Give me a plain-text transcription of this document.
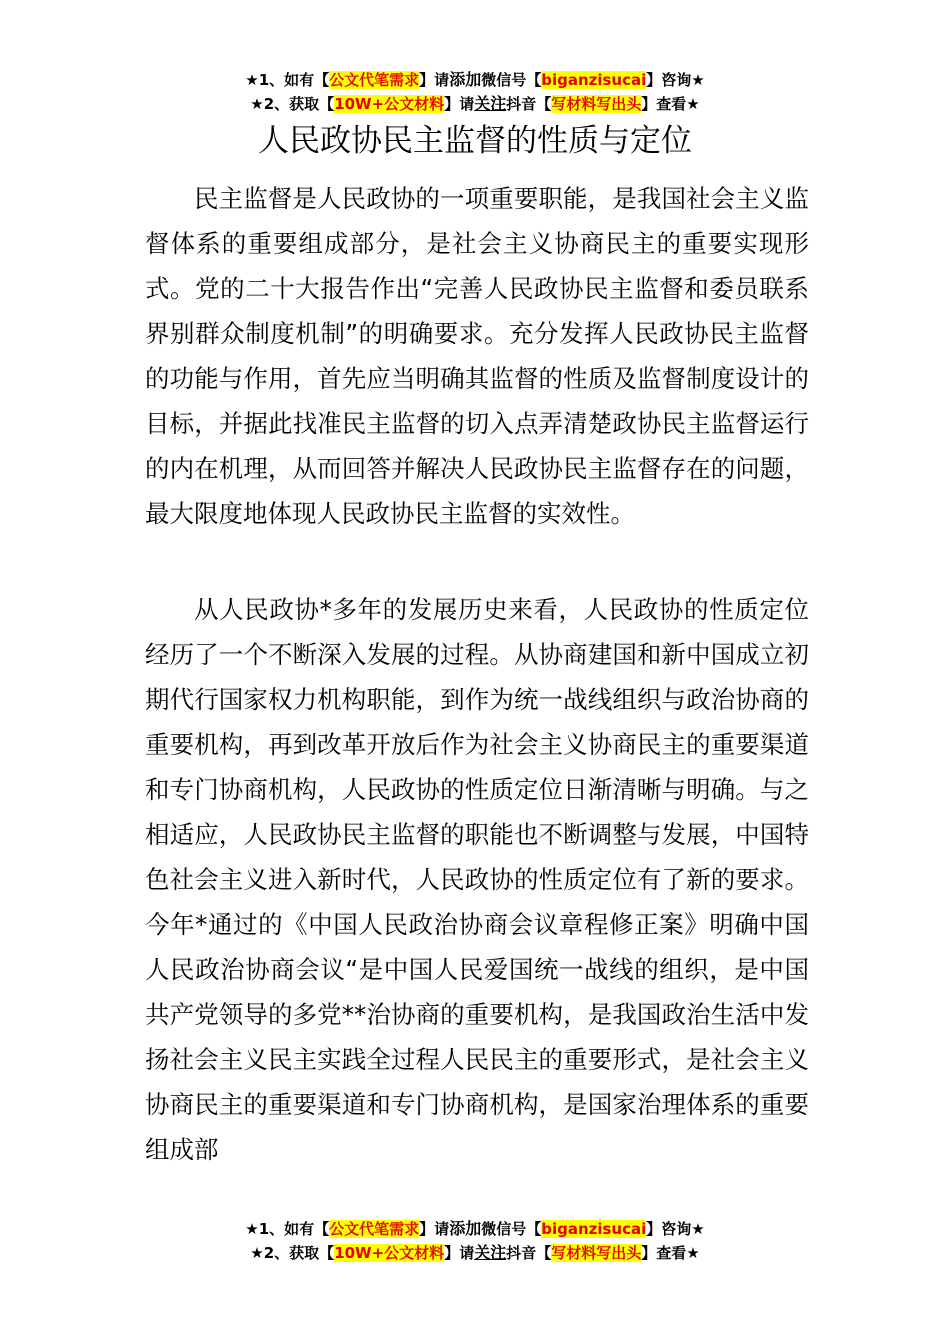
★1、如有【公文代笔需求】请添加微信号【biganzisucai】咨询★
★2、获取【10W+公文材料】请关注抖音【写材料写出头】查看★
人民政协民主监督的性质与定位

民主监督是人民政协的一项重要职能，是我国社会主义监督体系的重要组成部分，是社会主义协商民主的重要实现形式。党的二十大报告作出“完善人民政协民主监督和委员联系界别群众制度机制”的明确要求。充分发挥人民政协民主监督的功能与作用，首先应当明确其监督的性质及监督制度设计的目标，并据此找准民主监督的切入点弄清楚政协民主监督运行的内在机理，从而回答并解决人民政协民主监督存在的问题，最大限度地体现人民政协民主监督的实效性。

从人民政协*多年的发展历史来看，人民政协的性质定位经历了一个不断深入发展的过程。从协商建国和新中国成立初期代行国家权力机构职能，到作为统一战线组织与政治协商的重要机构，再到改革开放后作为社会主义协商民主的重要渠道和专门协商机构，人民政协的性质定位日渐清晰与明确。与之相适应，人民政协民主监督的职能也不断调整与发展，中国特色社会主义进入新时代，人民政协的性质定位有了新的要求。今年*通过的《中国人民政治协商会议章程修正案》明确中国人民政治协商会议“是中国人民爱国统一战线的组织，是中国共产党领导的多党**治协商的重要机构，是我国政治生活中发扬社会主义民主实践全过程人民民主的重要形式，是社会主义协商民主的重要渠道和专门协商机构，是国家治理体系的重要组成部

★1、如有【公文代笔需求】请添加微信号【biganzisucai】咨询★
★2、获取【10W+公文材料】请关注抖音【写材料写出头】查看★
